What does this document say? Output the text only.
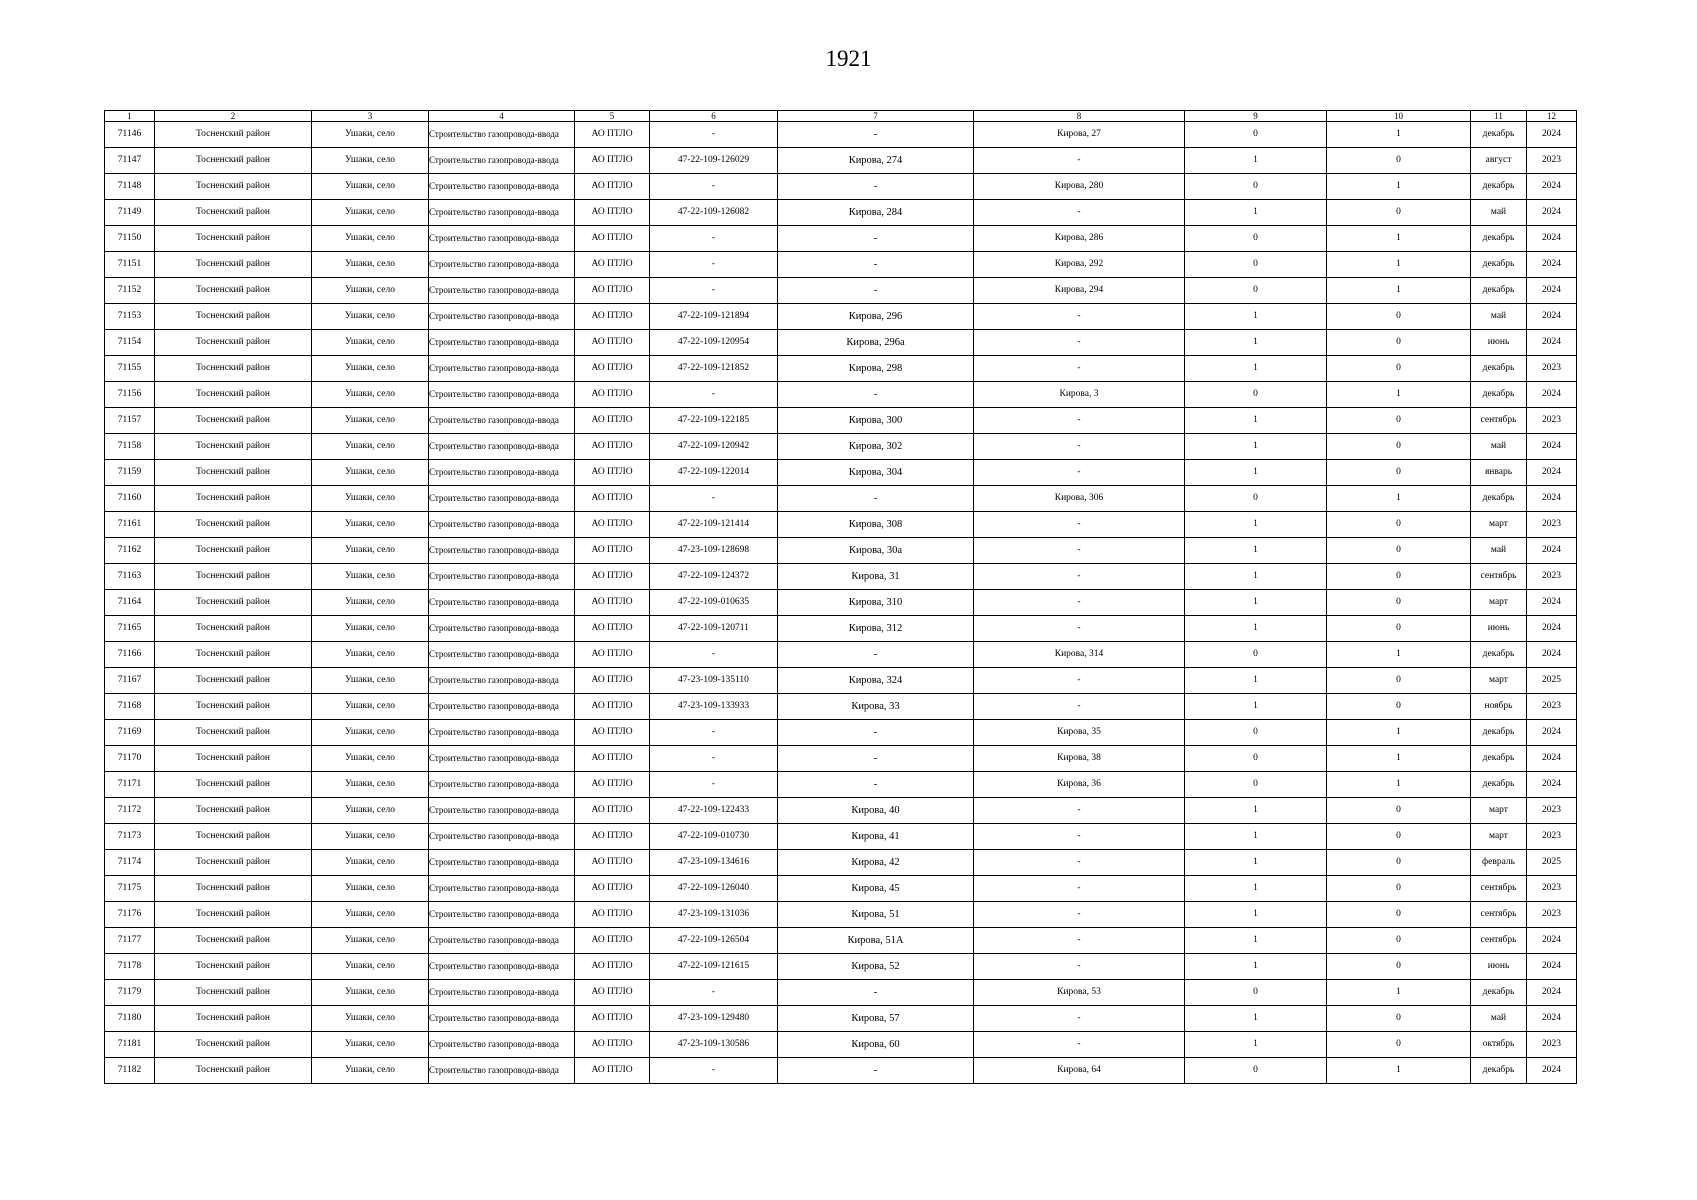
1921
1	2	3	4	5	6	7	8	9	10	11	12
71146	Тосненский район	Ушаки, село	Строительство газопровода-ввода	АО ПТЛО	-	-	Кирова, 27	0	1	декабрь	2024
71147	Тосненский район	Ушаки, село	Строительство газопровода-ввода	АО ПТЛО	47-22-109-126029	Кирова, 274	-	1	0	август	2023
71148	Тосненский район	Ушаки, село	Строительство газопровода-ввода	АО ПТЛО	-	-	Кирова, 280	0	1	декабрь	2024
71149	Тосненский район	Ушаки, село	Строительство газопровода-ввода	АО ПТЛО	47-22-109-126082	Кирова, 284	-	1	0	май	2024
71150	Тосненский район	Ушаки, село	Строительство газопровода-ввода	АО ПТЛО	-	-	Кирова, 286	0	1	декабрь	2024
71151	Тосненский район	Ушаки, село	Строительство газопровода-ввода	АО ПТЛО	-	-	Кирова, 292	0	1	декабрь	2024
71152	Тосненский район	Ушаки, село	Строительство газопровода-ввода	АО ПТЛО	-	-	Кирова, 294	0	1	декабрь	2024
71153	Тосненский район	Ушаки, село	Строительство газопровода-ввода	АО ПТЛО	47-22-109-121894	Кирова, 296	-	1	0	май	2024
71154	Тосненский район	Ушаки, село	Строительство газопровода-ввода	АО ПТЛО	47-22-109-120954	Кирова, 296а	-	1	0	июнь	2024
71155	Тосненский район	Ушаки, село	Строительство газопровода-ввода	АО ПТЛО	47-22-109-121852	Кирова, 298	-	1	0	декабрь	2023
71156	Тосненский район	Ушаки, село	Строительство газопровода-ввода	АО ПТЛО	-	-	Кирова, 3	0	1	декабрь	2024
71157	Тосненский район	Ушаки, село	Строительство газопровода-ввода	АО ПТЛО	47-22-109-122185	Кирова, 300	-	1	0	сентябрь	2023
71158	Тосненский район	Ушаки, село	Строительство газопровода-ввода	АО ПТЛО	47-22-109-120942	Кирова, 302	-	1	0	май	2024
71159	Тосненский район	Ушаки, село	Строительство газопровода-ввода	АО ПТЛО	47-22-109-122014	Кирова, 304	-	1	0	январь	2024
71160	Тосненский район	Ушаки, село	Строительство газопровода-ввода	АО ПТЛО	-	-	Кирова, 306	0	1	декабрь	2024
71161	Тосненский район	Ушаки, село	Строительство газопровода-ввода	АО ПТЛО	47-22-109-121414	Кирова, 308	-	1	0	март	2023
71162	Тосненский район	Ушаки, село	Строительство газопровода-ввода	АО ПТЛО	47-23-109-128698	Кирова, 30а	-	1	0	май	2024
71163	Тосненский район	Ушаки, село	Строительство газопровода-ввода	АО ПТЛО	47-22-109-124372	Кирова, 31	-	1	0	сентябрь	2023
71164	Тосненский район	Ушаки, село	Строительство газопровода-ввода	АО ПТЛО	47-22-109-010635	Кирова, 310	-	1	0	март	2024
71165	Тосненский район	Ушаки, село	Строительство газопровода-ввода	АО ПТЛО	47-22-109-120711	Кирова, 312	-	1	0	июнь	2024
71166	Тосненский район	Ушаки, село	Строительство газопровода-ввода	АО ПТЛО	-	-	Кирова, 314	0	1	декабрь	2024
71167	Тосненский район	Ушаки, село	Строительство газопровода-ввода	АО ПТЛО	47-23-109-135110	Кирова, 324	-	1	0	март	2025
71168	Тосненский район	Ушаки, село	Строительство газопровода-ввода	АО ПТЛО	47-23-109-133933	Кирова, 33	-	1	0	ноябрь	2023
71169	Тосненский район	Ушаки, село	Строительство газопровода-ввода	АО ПТЛО	-	-	Кирова, 35	0	1	декабрь	2024
71170	Тосненский район	Ушаки, село	Строительство газопровода-ввода	АО ПТЛО	-	-	Кирова, 38	0	1	декабрь	2024
71171	Тосненский район	Ушаки, село	Строительство газопровода-ввода	АО ПТЛО	-	-	Кирова, 36	0	1	декабрь	2024
71172	Тосненский район	Ушаки, село	Строительство газопровода-ввода	АО ПТЛО	47-22-109-122433	Кирова, 40	-	1	0	март	2023
71173	Тосненский район	Ушаки, село	Строительство газопровода-ввода	АО ПТЛО	47-22-109-010730	Кирова, 41	-	1	0	март	2023
71174	Тосненский район	Ушаки, село	Строительство газопровода-ввода	АО ПТЛО	47-23-109-134616	Кирова, 42	-	1	0	февраль	2025
71175	Тосненский район	Ушаки, село	Строительство газопровода-ввода	АО ПТЛО	47-22-109-126040	Кирова, 45	-	1	0	сентябрь	2023
71176	Тосненский район	Ушаки, село	Строительство газопровода-ввода	АО ПТЛО	47-23-109-131036	Кирова, 51	-	1	0	сентябрь	2023
71177	Тосненский район	Ушаки, село	Строительство газопровода-ввода	АО ПТЛО	47-22-109-126504	Кирова, 51А	-	1	0	сентябрь	2024
71178	Тосненский район	Ушаки, село	Строительство газопровода-ввода	АО ПТЛО	47-22-109-121615	Кирова, 52	-	1	0	июнь	2024
71179	Тосненский район	Ушаки, село	Строительство газопровода-ввода	АО ПТЛО	-	-	Кирова, 53	0	1	декабрь	2024
71180	Тосненский район	Ушаки, село	Строительство газопровода-ввода	АО ПТЛО	47-23-109-129480	Кирова, 57	-	1	0	май	2024
71181	Тосненский район	Ушаки, село	Строительство газопровода-ввода	АО ПТЛО	47-23-109-130586	Кирова, 60	-	1	0	октябрь	2023
71182	Тосненский район	Ушаки, село	Строительство газопровода-ввода	АО ПТЛО	-	-	Кирова, 64	0	1	декабрь	2024
